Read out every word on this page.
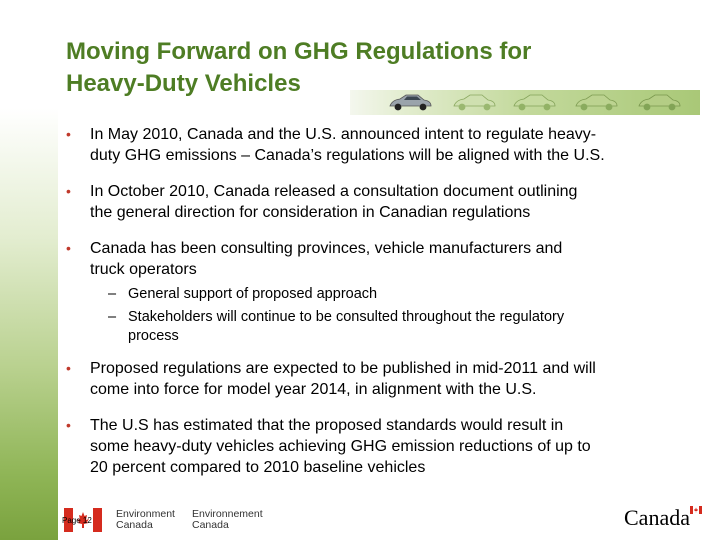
Moving Forward on GHG Regulations for
Heavy-Duty Vehicles
• In May 2010, Canada and the U.S. announced intent to regulate heavy-
duty GHG emissions – Canada’s regulations will be aligned with the U.S.
• In October 2010, Canada released a consultation document outlining
the general direction for consideration in Canadian regulations
• Canada has been consulting provinces, vehicle manufacturers and
truck operators
– General support of proposed approach
– Stakeholders will continue to be consulted throughout the regulatory
process
• Proposed regulations are expected to be published in mid-2011 and will
come into force for model year 2014, in alignment with the U.S.
• The U.S has estimated that the proposed standards would result in
some heavy-duty vehicles achieving GHG emission reductions of up to
20 percent compared to 2010 baseline vehicles
Environment
Canada
Environnement
Canada
Page 12	Canada
